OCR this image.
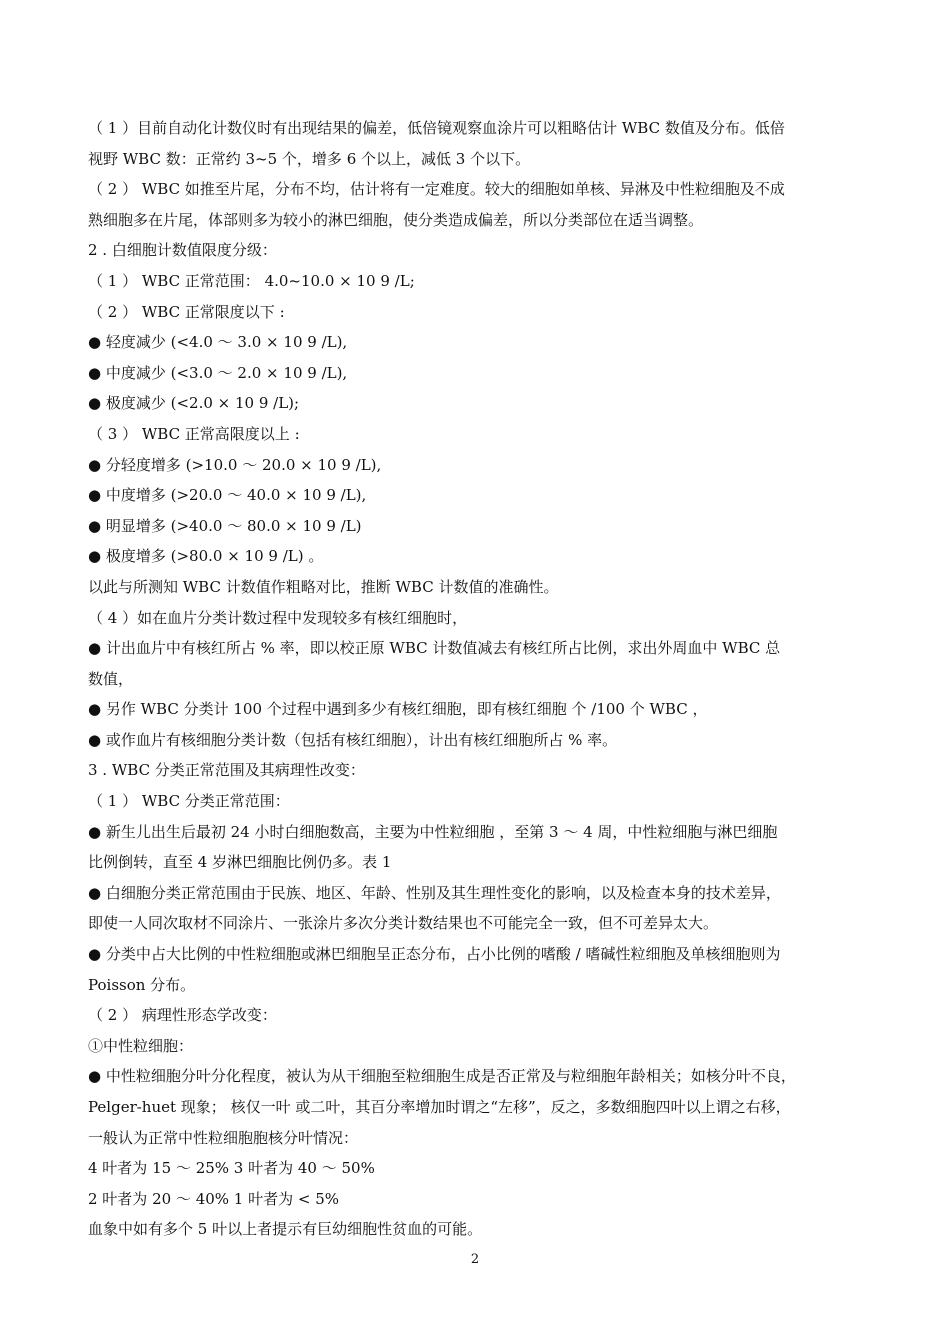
（ 1 ）目前自动化计数仪时有出现结果的偏差，低倍镜观察血涂片可以粗略估计 WBC 数值及分布。低倍
视野 WBC 数：正常约 3~5 个，增多 6 个以上，减低 3 个以下。
（ 2 ） WBC 如推至片尾，分布不均，估计将有一定难度。较大的细胞如单核、异淋及中性粒细胞及不成
熟细胞多在片尾，体部则多为较小的淋巴细胞，使分类造成偏差，所以分类部位在适当调整。
2 . 白细胞计数值限度分级：
（ 1 ） WBC 正常范围： 4.0~10.0 × 10 9 /L;
（ 2 ） WBC 正常限度以下 :
● 轻度减少 (<4.0 ～ 3.0 × 10 9 /L),
● 中度减少 (<3.0 ～ 2.0 × 10 9 /L),
● 极度减少 (<2.0 × 10 9 /L);
（ 3 ） WBC 正常高限度以上 :
● 分轻度增多 (>10.0 ～ 20.0 × 10 9 /L),
● 中度增多 (>20.0 ～ 40.0 × 10 9 /L),
● 明显增多 (>40.0 ～ 80.0 × 10 9 /L)
● 极度增多 (>80.0 × 10 9 /L) 。
以此与所测知 WBC 计数值作粗略对比，推断 WBC 计数值的准确性。
（ 4 ）如在血片分类计数过程中发现较多有核红细胞时，
● 计出血片中有核红所占 % 率，即以校正原 WBC 计数值减去有核红所占比例，求出外周血中 WBC 总
数值，
● 另作 WBC 分类计 100 个过程中遇到多少有核红细胞，即有核红细胞 个 /100 个 WBC ，
● 或作血片有核细胞分类计数（包括有核红细胞），计出有核红细胞所占 % 率。
3 . WBC 分类正常范围及其病理性改变：
（ 1 ） WBC 分类正常范围：
● 新生儿出生后最初 24 小时白细胞数高，主要为中性粒细胞 ，至第 3 ～ 4 周，中性粒细胞与淋巴细胞
比例倒转，直至 4 岁淋巴细胞比例仍多。表 1
● 白细胞分类正常范围由于民族、地区、年龄、性别及其生理性变化的影响，以及检查本身的技术差异，
即使一人同次取材不同涂片、一张涂片多次分类计数结果也不可能完全一致，但不可差异太大。
● 分类中占大比例的中性粒细胞或淋巴细胞呈正态分布，占小比例的嗜酸 / 嗜碱性粒细胞及单核细胞则为
Poisson 分布。
（ 2 ） 病理性形态学改变：
①中性粒细胞：
● 中性粒细胞分叶分化程度，被认为从干细胞至粒细胞生成是否正常及与粒细胞年龄相关；如核分叶不良，
Pelger-huet 现象； 核仅一叶 或二叶，其百分率增加时谓之“左移”，反之，多数细胞四叶以上谓之右移，
一般认为正常中性粒细胞胞核分叶情况：
4 叶者为 15 ～ 25% 3 叶者为 40 ～ 50%
2 叶者为 20 ～ 40% 1 叶者为 < 5%
血象中如有多个 5 叶以上者提示有巨幼细胞性贫血的可能。
2
